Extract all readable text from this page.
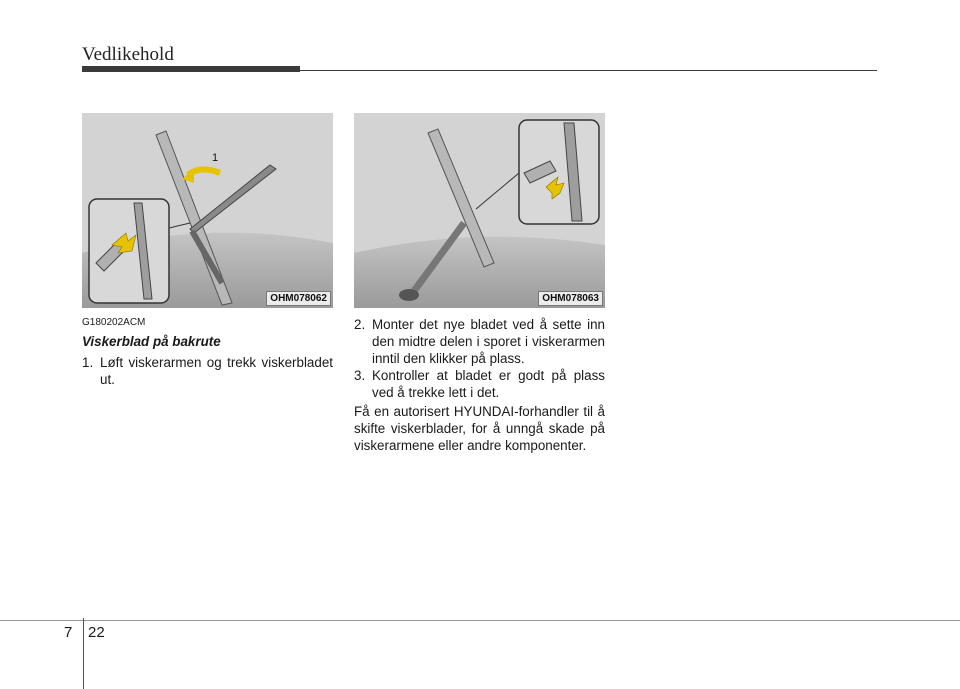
Vedlikehold
1
OHM078062	OHM078063
G180202ACM
Viskerblad på bakrute
1. Løft viskerarmen og trekk viskerbladet ut.
2. Monter det nye bladet ved å sette inn den midtre delen i sporet i viskerarmen inntil den klikker på plass.
3. Kontroller at bladet er godt på plass ved å trekke lett i det.
Få en autorisert HYUNDAI-forhandler til å skifte viskerblader, for å unngå skade på viskerarmene eller andre komponenter.
7 22
